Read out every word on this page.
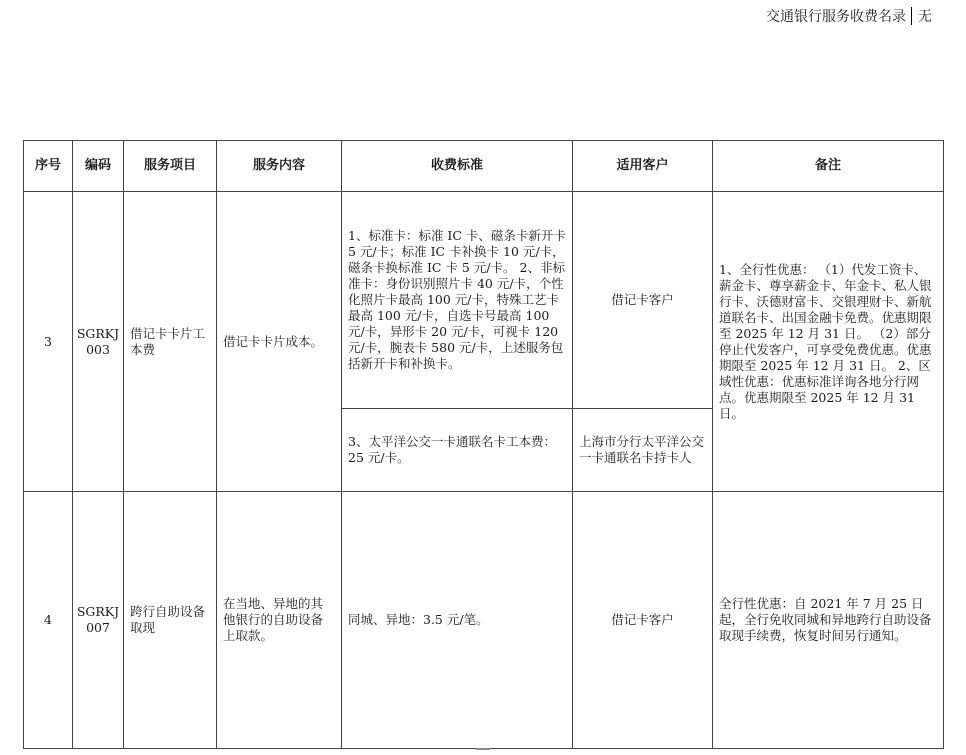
交通银行服务收费名录 无
序号	编码	服务项目	服务内容	收费标准	适用客户	备注
3	SGRKJ 003	借记卡卡片工本费	借记卡卡片成本。	1、标准卡：标准 IC 卡、磁条卡新开卡 5 元/卡；标准 IC 卡补换卡 10 元/卡，磁条卡换标准 IC 卡 5 元/卡。 2、非标准卡：身份识别照片卡 40 元/卡，个性化照片卡最高 100 元/卡，特殊工艺卡最高 100 元/卡，自选卡号最高 100 元/卡，异形卡 20 元/卡，可视卡 120 元/卡，腕表卡 580 元/卡，上述服务包括新开卡和补换卡。	借记卡客户	1、全行性优惠： （1）代发工资卡、薪金卡、尊享薪金卡、年金卡、私人银行卡、沃德财富卡、交银理财卡、新航道联名卡、出国金融卡免费。优惠期限至 2025 年 12 月 31 日。 （2）部分停止代发客户，可享受免费优惠。优惠期限至 2025 年 12 月 31 日。 2、区域性优惠：优惠标准详询各地分行网点。优惠期限至 2025 年 12 月 31 日。
				3、太平洋公交一卡通联名卡工本费：25 元/卡。	上海市分行太平洋公交一卡通联名卡持卡人	
4	SGRKJ 007	跨行自助设备取现	在当地、异地的其他银行的自助设备上取款。	同城、异地：3.5 元/笔。	借记卡客户	全行性优惠：自 2021 年 7 月 25 日起，全行免收同城和异地跨行自助设备取现手续费，恢复时间另行通知。
